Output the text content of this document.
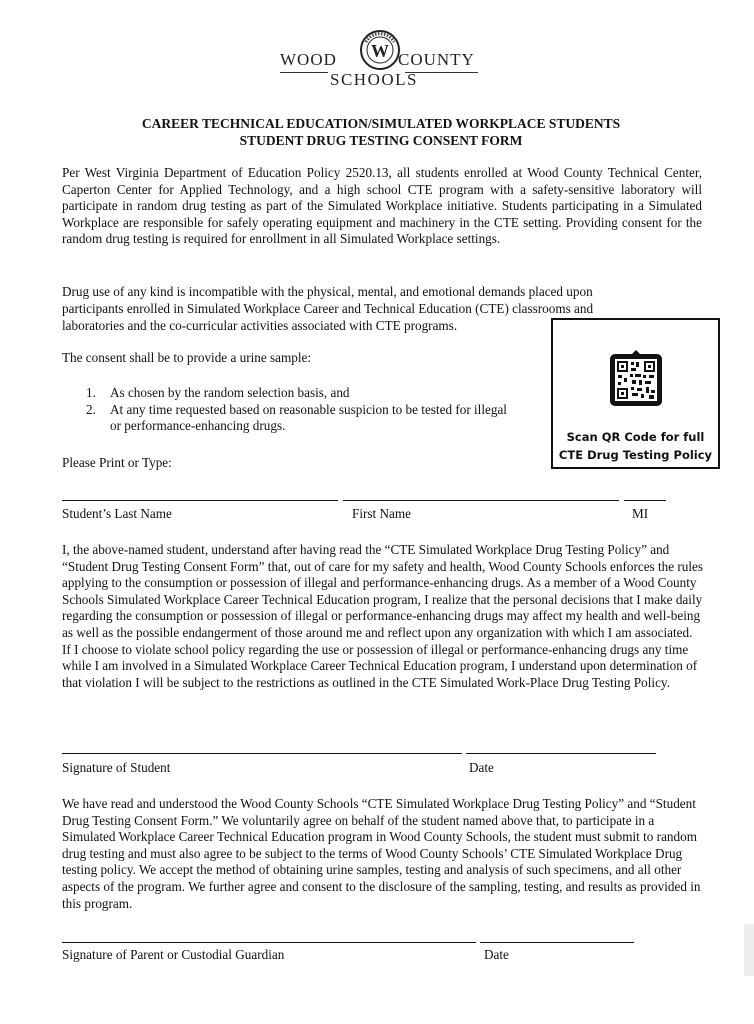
W
WOOD	COUNTY
SCHOOLS
CAREER TECHNICAL EDUCATION/SIMULATED WORKPLACE STUDENTS
STUDENT DRUG TESTING CONSENT FORM
Per West Virginia Department of Education Policy 2520.13, all students enrolled at Wood County Technical Center, Caperton Center for Applied Technology, and a high school CTE program with a safety-sensitive laboratory will participate in random drug testing as part of the Simulated Workplace initiative. Students participating in a Simulated Workplace are responsible for safely operating equipment and machinery in the CTE setting. Providing consent for the random drug testing is required for enrollment in all Simulated Workplace settings.
Drug use of any kind is incompatible with the physical, mental, and emotional demands placed upon
participants enrolled in Simulated Workplace Career and Technical Education (CTE) classrooms and
laboratories and the co-curricular activities associated with CTE programs.
The consent shall be to provide a urine sample:
1.	As chosen by the random selection basis, and
2.	At any time requested based on reasonable suspicion to be tested for illegal or performance-enhancing drugs.
Scan QR Code for full
CTE Drug Testing Policy
Please Print or Type:
Student’s Last Name	First Name	MI
I, the above-named student, understand after having read the “CTE Simulated Workplace Drug Testing Policy” and “Student Drug Testing Consent Form” that, out of care for my safety and health, Wood County Schools enforces the rules applying to the consumption or possession of illegal and performance-enhancing drugs. As a member of a Wood County Schools Simulated Workplace Career Technical Education program, I realize that the personal decisions that I make daily regarding the consumption or possession of illegal or performance-enhancing drugs may affect my health and well-being as well as the possible endangerment of those around me and reflect upon any organization with which I am associated. If I choose to violate school policy regarding the use or possession of illegal or performance-enhancing drugs any time while I am involved in a Simulated Workplace Career Technical Education program, I understand upon determination of that violation I will be subject to the restrictions as outlined in the CTE Simulated Work-Place Drug Testing Policy.
Signature of Student	Date
We have read and understood the Wood County Schools “CTE Simulated Workplace Drug Testing Policy” and “Student Drug Testing Consent Form.” We voluntarily agree on behalf of the student named above that, to participate in a Simulated Workplace Career Technical Education program in Wood County Schools, the student must submit to random drug testing and must also agree to be subject to the terms of Wood County Schools’ CTE Simulated Workplace Drug testing policy. We accept the method of obtaining urine samples, testing and analysis of such specimens, and all other aspects of the program. We further agree and consent to the disclosure of the sampling, testing, and results as provided in this program.
Signature of Parent or Custodial Guardian	Date
